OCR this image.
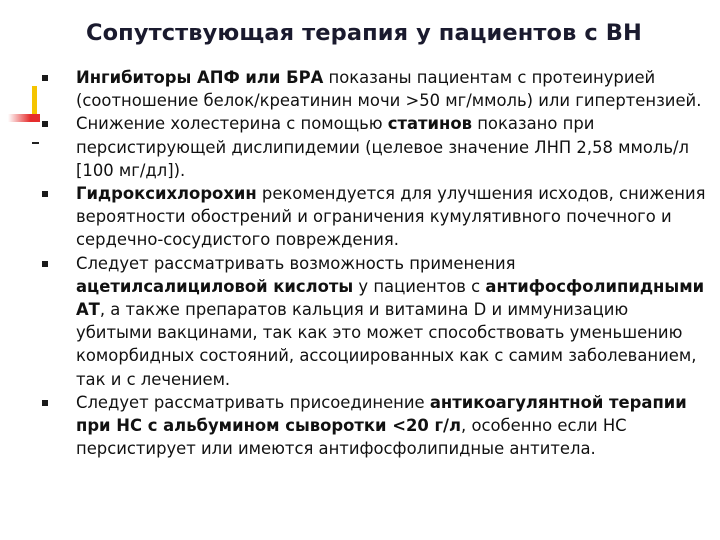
Сопутствующая терапия у пациентов с ВН
Ингибиторы АПФ или БРА показаны пациентам с протеинурией (соотношение белок/креатинин мочи >50 мг/ммоль) или гипертензией.
Снижение холестерина с помощью статинов показано при персистирующей дислипидемии (целевое значение ЛНП 2,58 ммоль/л [100 мг/дл]).
Гидроксихлорохин рекомендуется для улучшения исходов, снижения вероятности обострений и ограничения кумулятивного почечного и сердечно-сосудистого повреждения.
Следует рассматривать возможность применения ацетилсалициловой кислоты у пациентов с антифосфолипидными АТ, а также препаратов кальция и витамина D и иммунизацию убитыми вакцинами, так как это может способствовать уменьшению коморбидных состояний, ассоциированных как с самим заболеванием, так и с лечением.
Следует рассматривать присоединение антикоагулянтной терапии при НС с альбумином сыворотки <20 г/л, особенно если НС персистирует или имеются антифосфолипидные антитела.
